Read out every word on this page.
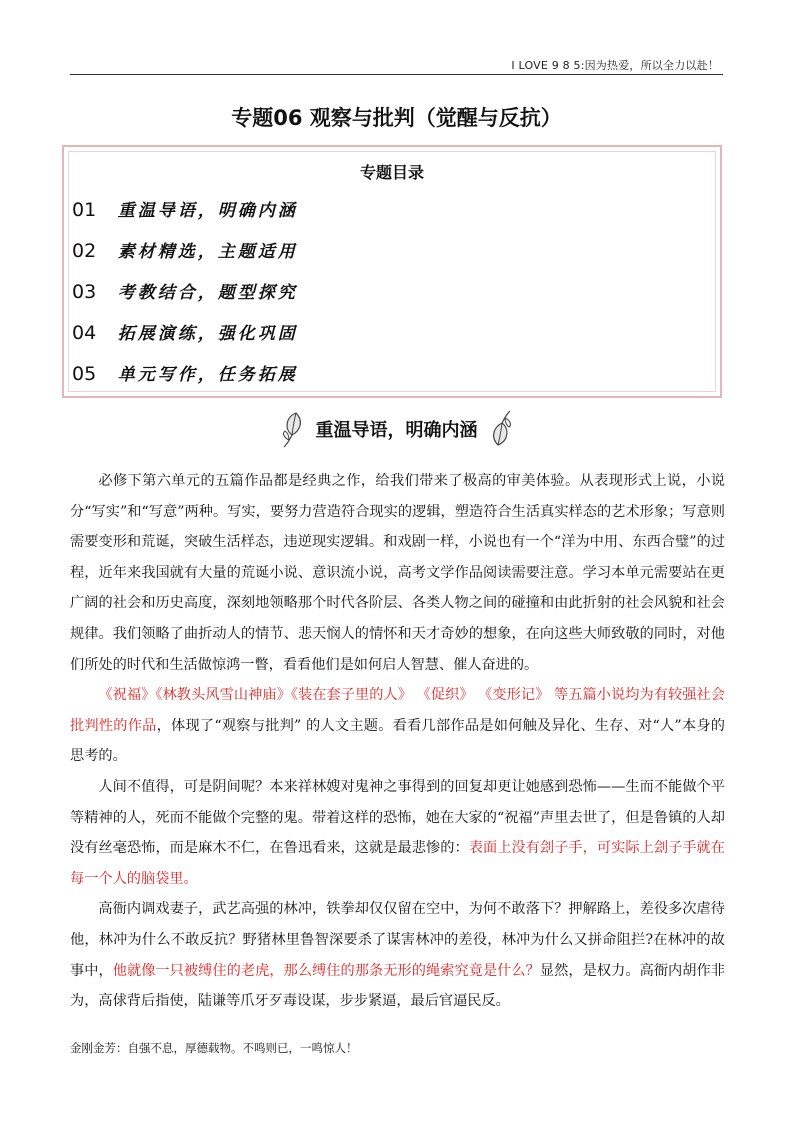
I LOVE 9 8 5:因为热爱，所以全力以赴！
专题06 观察与批判（觉醒与反抗）
专题目录
01 重温导语，明确内涵
02 素材精选，主题适用
03 考教结合，题型探究
04 拓展演练，强化巩固
05 单元写作，任务拓展
重温导语，明确内涵

必修下第六单元的五篇作品都是经典之作，给我们带来了极高的审美体验。从表现形式上说，小说分“写实”和“写意”两种。写实，要努力营造符合现实的逻辑，塑造符合生活真实样态的艺术形象；写意则需要变形和荒诞，突破生活样态，违逆现实逻辑。和戏剧一样，小说也有一个“洋为中用、东西合璧”的过程，近年来我国就有大量的荒诞小说、意识流小说，高考文学作品阅读需要注意。学习本单元需要站在更广阔的社会和历史高度，深刻地领略那个时代各阶层、各类人物之间的碰撞和由此折射的社会风貌和社会规律。我们领略了曲折动人的情节、悲天悯人的情怀和天才奇妙的想象，在向这些大师致敬的同时，对他们所处的时代和生活做惊鸿一瞥，看看他们是如何启人智慧、催人奋进的。

《祝福》《林教头风雪山神庙》《装在套子里的人》 《促织》 《变形记》 等五篇小说均为有较强社会批判性的作品，体现了“观察与批判” 的人文主题。看看几部作品是如何触及异化、生存、对“人”本身的思考的。

人间不值得，可是阴间呢？本来祥林嫂对鬼神之事得到的回复却更让她感到恐怖——生而不能做个平等精神的人，死而不能做个完整的鬼。带着这样的恐怖，她在大家的“祝福”声里去世了，但是鲁镇的人却没有丝毫恐怖，而是麻木不仁，在鲁迅看来，这就是最悲惨的：表面上没有刽子手，可实际上刽子手就在每一个人的脑袋里。

高衙内调戏妻子，武艺高强的林冲，铁拳却仅仅留在空中，为何不敢落下？押解路上，差役多次虐待他，林冲为什么不敢反抗？野猪林里鲁智深要杀了谋害林冲的差役，林冲为什么又拼命阻拦?在林冲的故事中，他就像一只被缚住的老虎，那么缚住的那条无形的绳索究竟是什么？显然，是权力。高衙内胡作非为，高俅背后指使，陆谦等爪牙歹毒设谋，步步紧逼，最后官逼民反。

金刚金芳：自强不息，厚德载物。不鸣则已，一鸣惊人！
